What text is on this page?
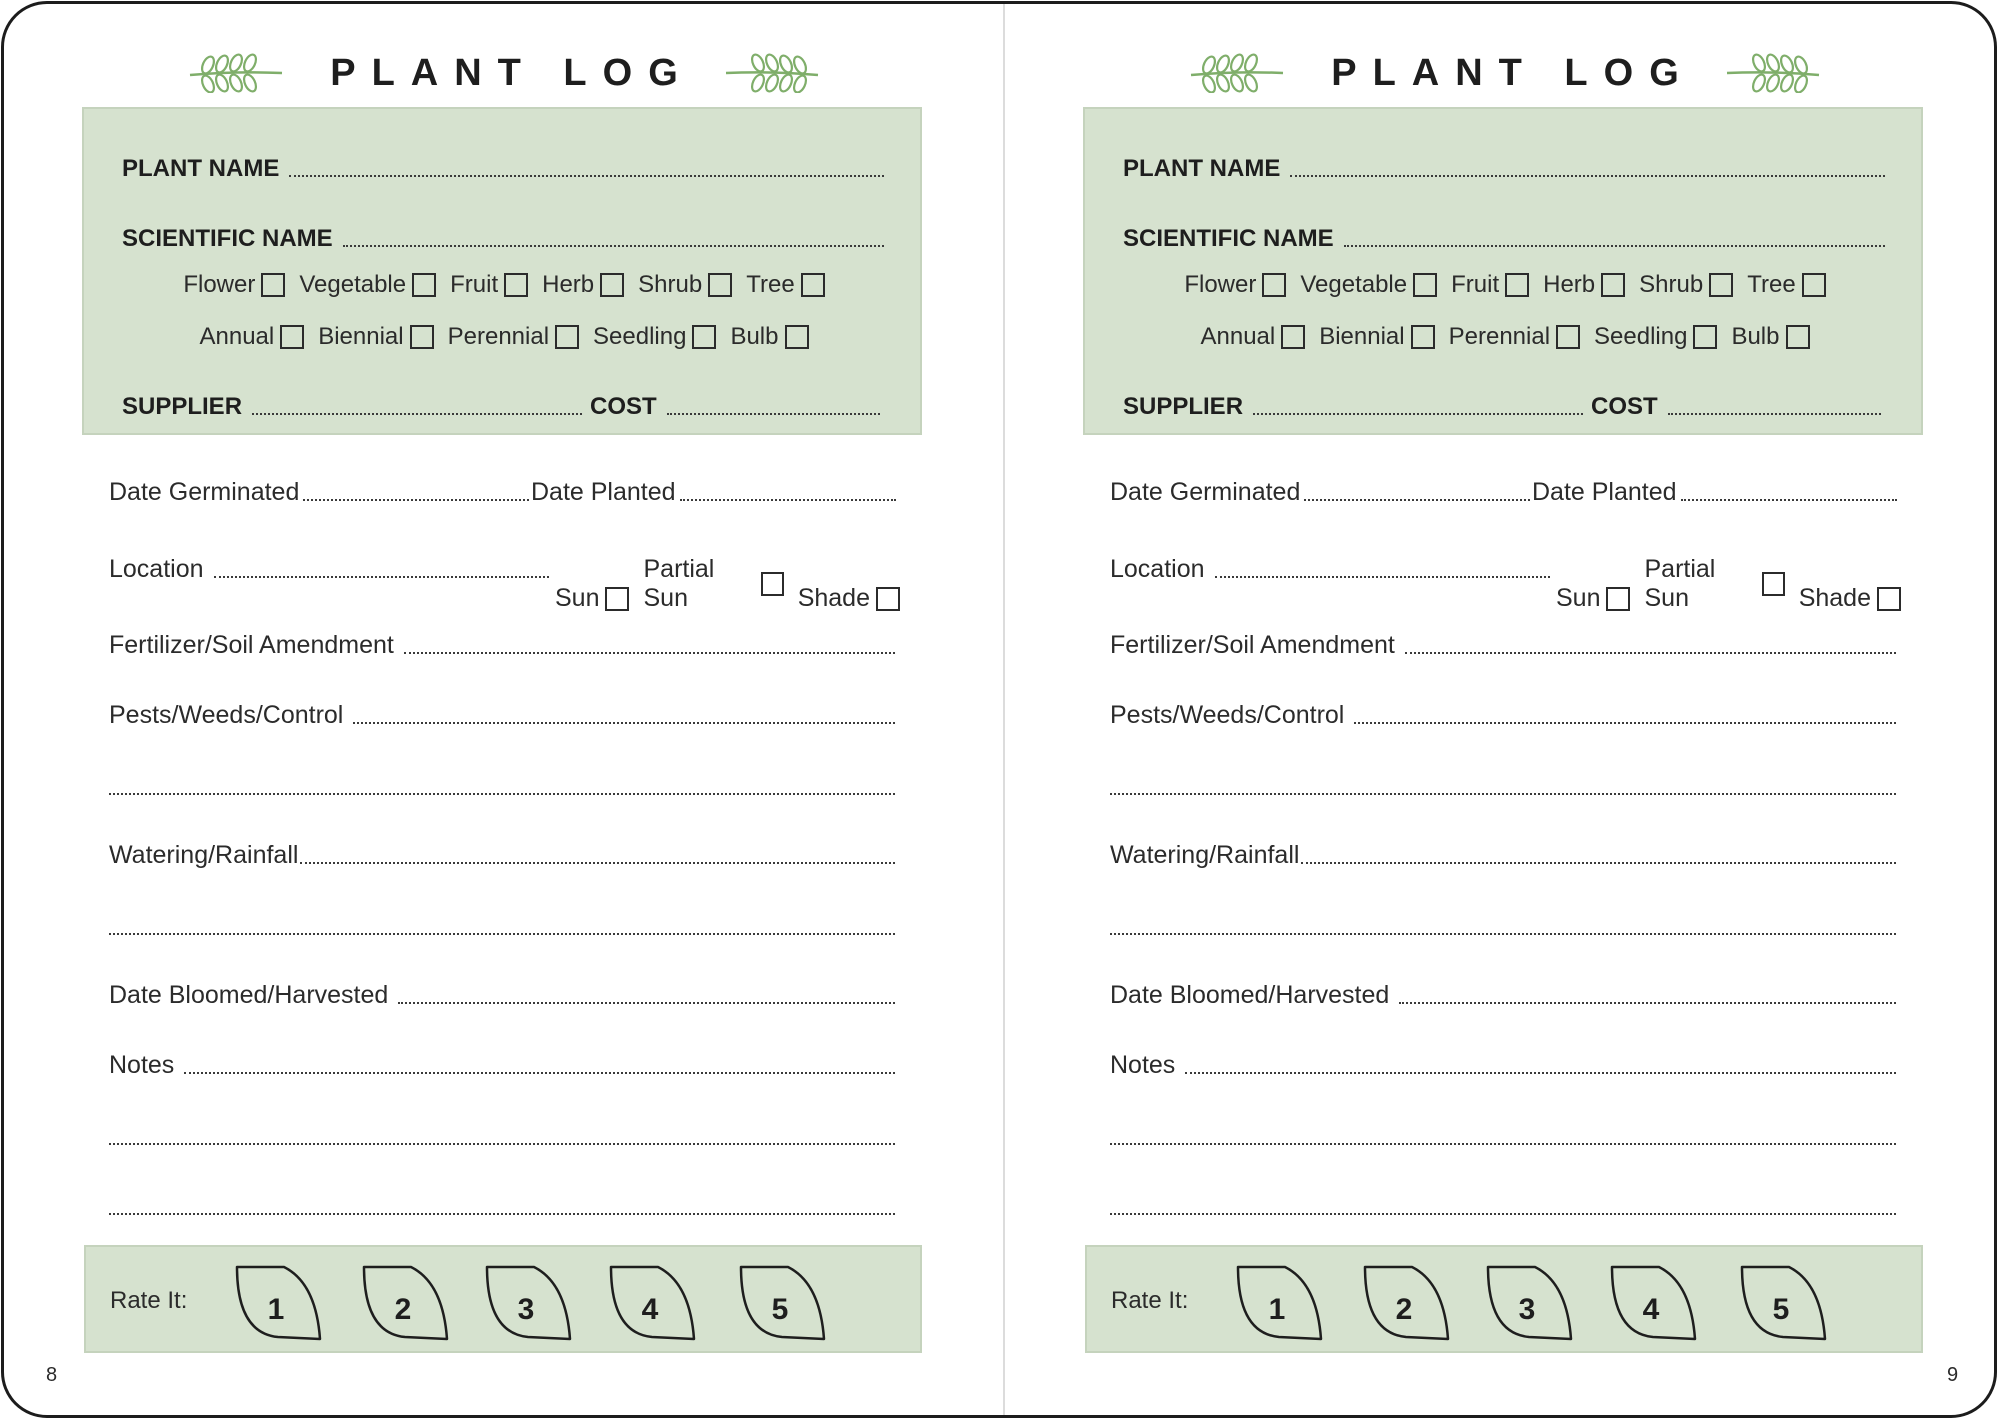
PLANT LOG
PLANT NAME
SCIENTIFIC NAME
Flower Vegetable Fruit Herb Shrub Tree
Annual Biennial Perennial Seedling Bulb
SUPPLIER	COST
Date Germinated	Date Planted
Location
Sun
Partial Sun	Shade
Fertilizer/Soil Amendment
Pests/Weeds/Control
Watering/Rainfall
Date Bloomed/Harvested
Notes
Rate It:	1	2	3	4	5
8
PLANT LOG
PLANT NAME
SCIENTIFIC NAME
Flower Vegetable Fruit Herb Shrub Tree
Annual Biennial Perennial Seedling Bulb
SUPPLIER	COST
Date Germinated	Date Planted
Location
Sun
Partial Sun	Shade
Fertilizer/Soil Amendment
Pests/Weeds/Control
Watering/Rainfall
Date Bloomed/Harvested
Notes
Rate It:	1	2	3	4	5
9
